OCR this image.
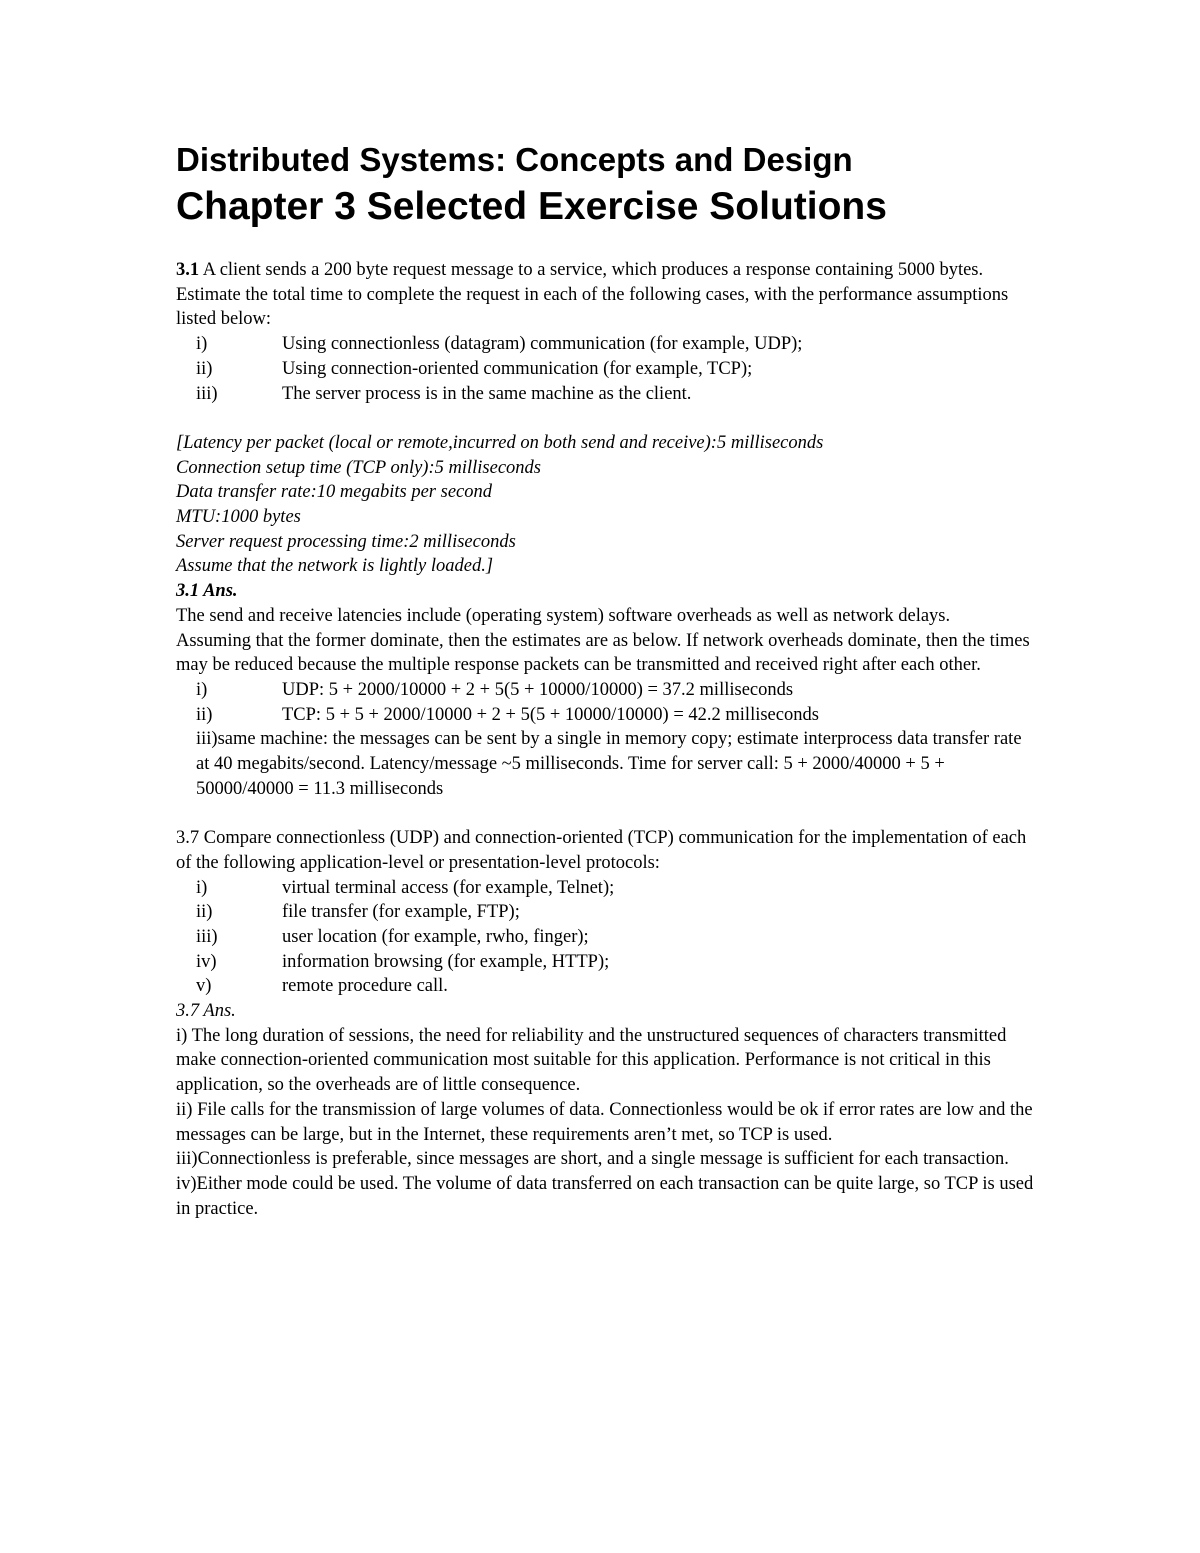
Distributed Systems: Concepts and Design
Chapter 3 Selected Exercise Solutions

3.1 A client sends a 200 byte request message to a service, which produces a response containing 5000 bytes. Estimate the total time to complete the request in each of the following cases, with the performance assumptions listed below:

i)	Using connectionless (datagram) communication (for example, UDP);
ii)	Using connection-oriented communication (for example, TCP);
iii)	The server process is in the same machine as the client.

[Latency per packet (local or remote,incurred on both send and receive):5 milliseconds

Connection setup time (TCP only):5 milliseconds

Data transfer rate:10 megabits per second

MTU:1000 bytes

Server request processing time:2 milliseconds

Assume that the network is lightly loaded.]

3.1 Ans.

The send and receive latencies include (operating system) software overheads as well as network delays.

Assuming that the former dominate, then the estimates are as below. If network overheads dominate, then the times may be reduced because the multiple response packets can be transmitted and received right after each other.

i)	UDP: 5 + 2000/10000 + 2 + 5(5 + 10000/10000) = 37.2 milliseconds
ii)	TCP: 5 + 5 + 2000/10000 + 2 + 5(5 + 10000/10000) = 42.2 milliseconds

iii)same machine: the messages can be sent by a single in memory copy; estimate interprocess data transfer rate at 40 megabits/second. Latency/message ~5 milliseconds. Time for server call: 5 + 2000/40000 + 5 + 50000/40000 = 11.3 milliseconds

3.7 Compare connectionless (UDP) and connection-oriented (TCP) communication for the implementation of each of the following application-level or presentation-level protocols:

i)	virtual terminal access (for example, Telnet);
ii)	file transfer (for example, FTP);
iii)	user location (for example, rwho, finger);
iv)	information browsing (for example, HTTP);
v)	remote procedure call.

3.7 Ans.

i) The long duration of sessions, the need for reliability and the unstructured sequences of characters transmitted make connection-oriented communication most suitable for this application. Performance is not critical in this application, so the overheads are of little consequence.

ii) File calls for the transmission of large volumes of data. Connectionless would be ok if error rates are low and the messages can be large, but in the Internet, these requirements aren’t met, so TCP is used.

iii)Connectionless is preferable, since messages are short, and a single message is sufficient for each transaction.

iv)Either mode could be used. The volume of data transferred on each transaction can be quite large, so TCP is used in practice.
